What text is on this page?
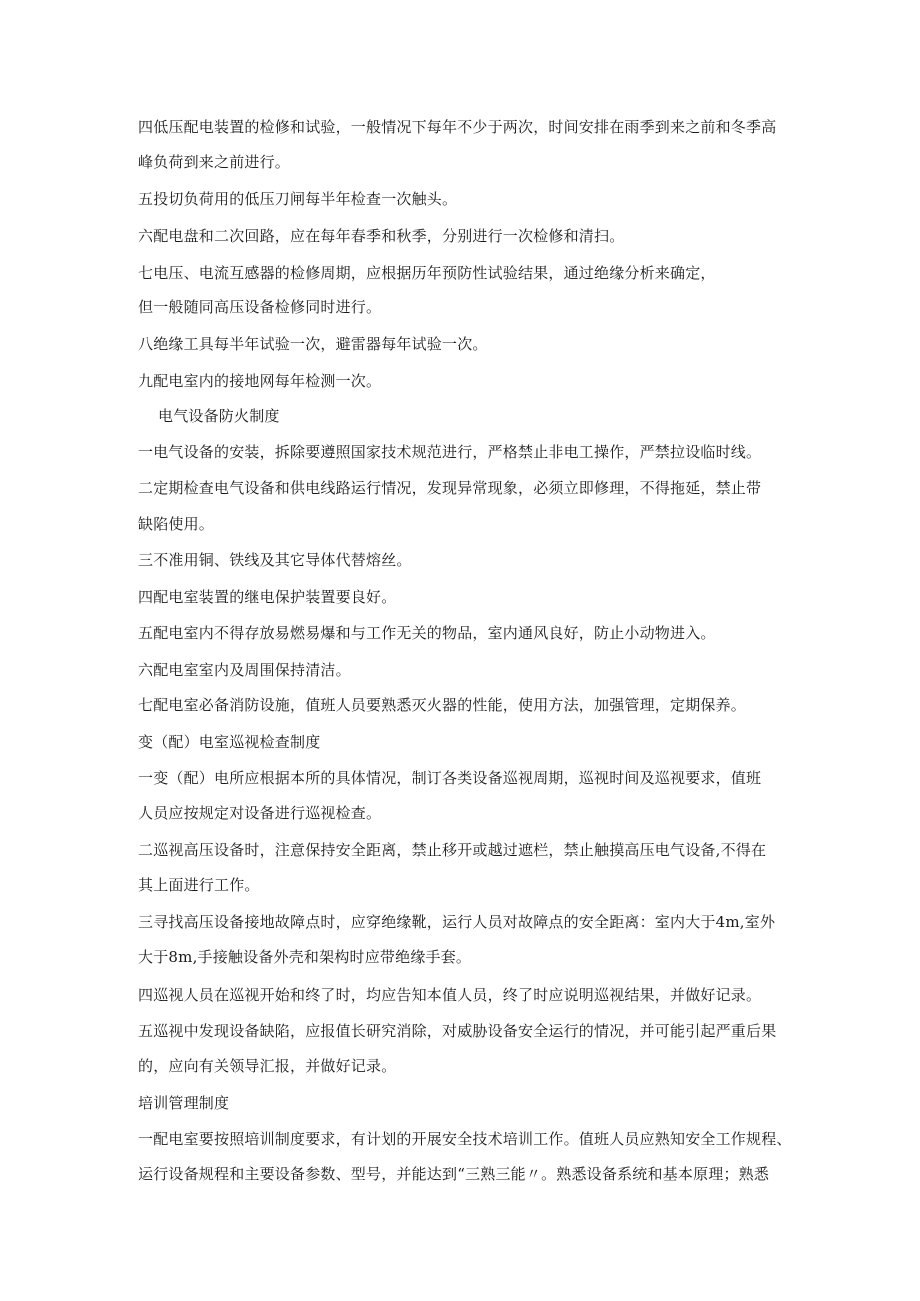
四低压配电装置的检修和试验，一般情况下每年不少于两次，时间安排在雨季到来之前和冬季高
峰负荷到来之前进行。
五投切负荷用的低压刀闸每半年检查一次触头。
六配电盘和二次回路，应在每年春季和秋季，分别进行一次检修和清扫。
七电压、电流互感器的检修周期，应根据历年预防性试验结果，通过绝缘分析来确定，
但一般随同高压设备检修同时进行。
八绝缘工具每半年试验一次，避雷器每年试验一次。
九配电室内的接地网每年检测一次。
电气设备防火制度
一电气设备的安装，拆除要遵照国家技术规范进行，严格禁止非电工操作，严禁拉设临时线。
二定期检查电气设备和供电线路运行情况，发现异常现象，必须立即修理，不得拖延，禁止带
缺陷使用。
三不准用铜、铁线及其它导体代替熔丝。
四配电室装置的继电保护装置要良好。
五配电室内不得存放易燃易爆和与工作无关的物品，室内通风良好，防止小动物进入。
六配电室室内及周围保持清洁。
七配电室必备消防设施，值班人员要熟悉灭火器的性能，使用方法，加强管理，定期保养。
变（配）电室巡视检查制度
一变（配）电所应根据本所的具体情况，制订各类设备巡视周期，巡视时间及巡视要求，值班
人员应按规定对设备进行巡视检查。
二巡视高压设备时，注意保持安全距离，禁止移开或越过遮栏，禁止触摸高压电气设备,不得在
其上面进行工作。
三寻找高压设备接地故障点时，应穿绝缘靴，运行人员对故障点的安全距离：室内大于4m,室外
大于8m,手接触设备外壳和架构时应带绝缘手套。
四巡视人员在巡视开始和终了时，均应告知本值人员，终了时应说明巡视结果，并做好记录。
五巡视中发现设备缺陷，应报值长研究消除，对威胁设备安全运行的情况，并可能引起严重后果
的，应向有关领导汇报，并做好记录。
培训管理制度
一配电室要按照培训制度要求，有计划的开展安全技术培训工作。值班人员应熟知安全工作规程、
运行设备规程和主要设备参数、型号，并能达到“三熟三能〃。熟悉设备系统和基本原理；熟悉
